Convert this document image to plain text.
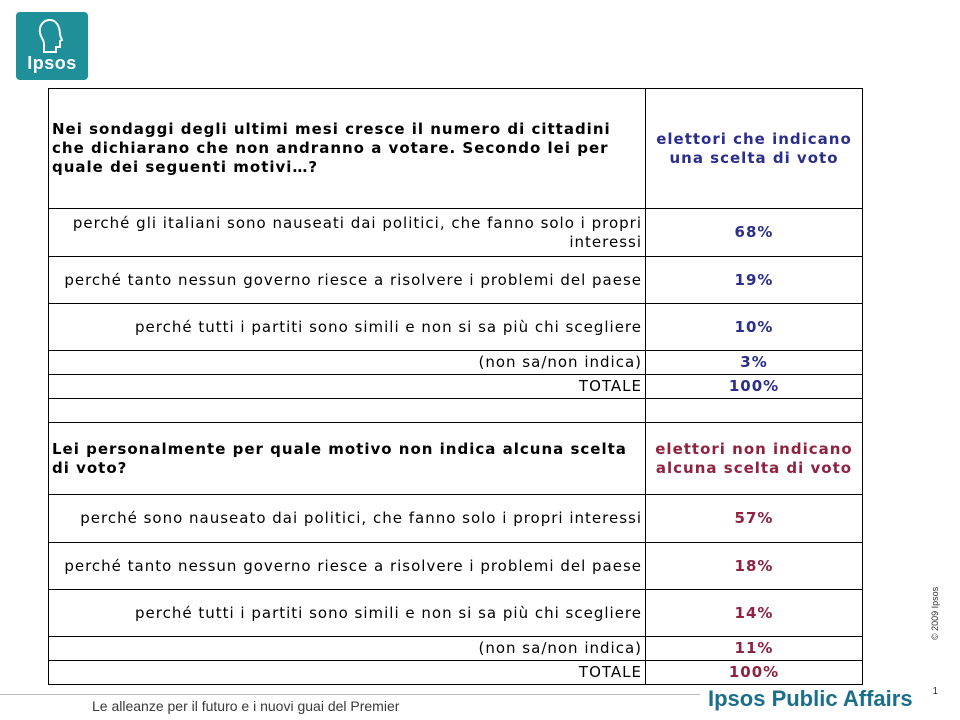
Ipsos
Nei sondaggi degli ultimi mesi cresce il numero di cittadini che dichiarano che non andranno a votare. Secondo lei per quale dei seguenti motivi…?	elettori che indicano una scelta di voto
perché gli italiani sono nauseati dai politici, che fanno solo i propri interessi	68%
perché tanto nessun governo riesce a risolvere i problemi del paese	19%
perché tutti i partiti sono simili e non si sa più chi scegliere	10%
(non sa/non indica)	3%
TOTALE	100%

Lei personalmente per quale motivo non indica alcuna scelta di voto?	elettori non indicano alcuna scelta di voto
perché sono nauseato dai politici, che fanno solo i propri interessi	57%
perché tanto nessun governo riesce a risolvere i problemi del paese	18%
perché tutti i partiti sono simili e non si sa più chi scegliere	14%
(non sa/non indica)	11%
TOTALE	100%
© 2009 Ipsos
1
Le alleanze per il futuro e i nuovi guai del Premier	Ipsos Public Affairs
